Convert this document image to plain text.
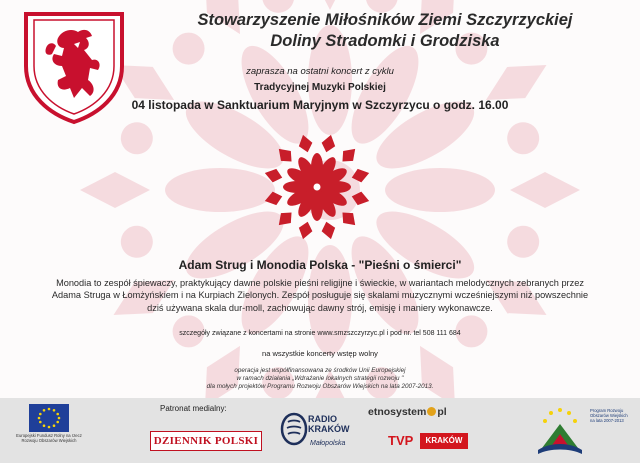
Stowarzyszenie Miłośników Ziemi Szczyrzyckiej
Doliny Stradomki i Grodziska
zaprasza na ostatni koncert z cyklu
Tradycyjnej Muzyki Polskiej
04 listopada w Sanktuarium Maryjnym w Szczyrzycu o godz. 16.00
Adam Strug i Monodia Polska - "Pieśni o śmierci"
Monodia to zespół śpiewaczy, praktykujący dawne polskie pieśni religijne i świeckie, w wariantach melodycznych zebranych przez
Adama Struga w Łomżyńskiem i na Kurpiach Zielonych. Zespół posługuje się skalami muzycznymi wcześniejszymi niż powszechnie
dziś używana skala dur-moll, zachowując dawny strój, emisję i maniery wykonawcze.
szczegóły związane z koncertami na stronie www.smzszczyrzyc.pl i pod nr. tel 508 111 684
na wszystkie koncerty wstęp wolny
operacja jest współfinansowana ze środków Unii Europejskiej
w ramach działania „Wdrażanie lokalnych strategii rozwoju "
dla mołych projektów Programu Rozwoju Obszarów Wiejskich na lata 2007-2013.
Europejski Fundusz Rolny na rzecz Rozwoju Obszarów Wiejskich
Patronat medialny:
DZIENNIK POLSKI
RADIO
KRAKÓW
Małopolska
etnosystem pl
TVP	KRAKÓW
Program Rozwoju Obszarów Wiejskich na lata 2007-2013
